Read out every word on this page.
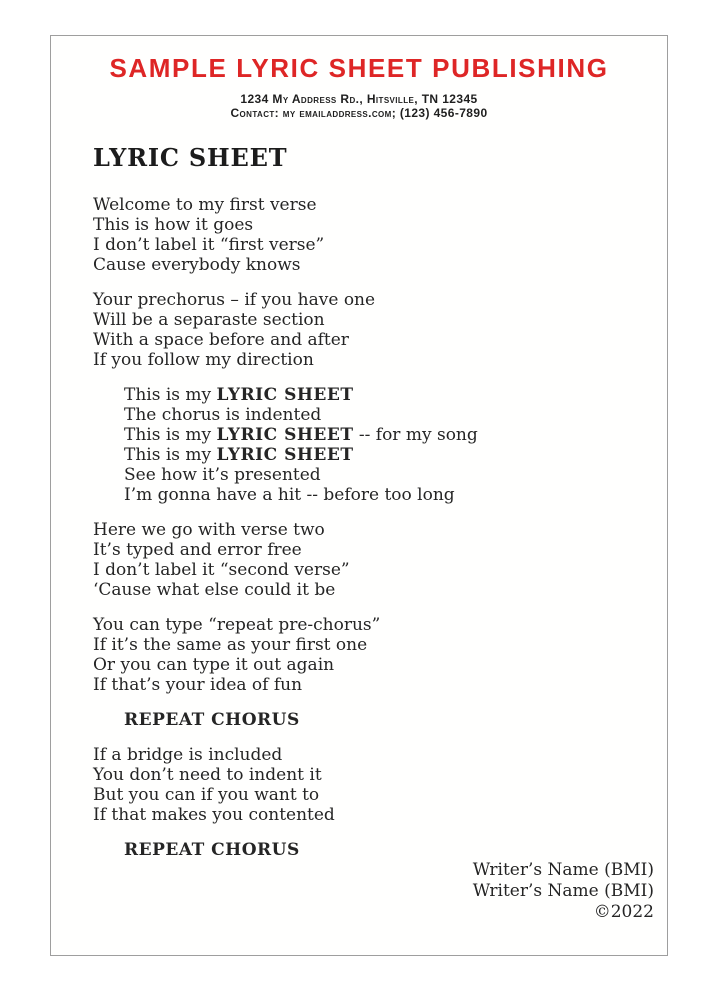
SAMPLE LYRIC SHEET PUBLISHING
1234 My Address Rd., Hitsville, TN 12345
Contact: my emailaddress.com; (123) 456-7890
LYRIC SHEET
Welcome to my first verse
This is how it goes
I don’t label it “first verse”
Cause everybody knows
Your prechorus – if you have one
Will be a separaste section
With a space before and after
If you follow my direction
This is my LYRIC SHEET
The chorus is indented
This is my LYRIC SHEET -- for my song
This is my LYRIC SHEET
See how it’s presented
I’m gonna have a hit -- before too long
Here we go with verse two
It’s typed and error free
I don’t label it “second verse”
‘Cause what else could it be
You can type “repeat pre-chorus”
If it’s the same as your first one
Or you can type it out again
If that’s your idea of fun
REPEAT CHORUS
If a bridge is included
You don’t need to indent it
But you can if you want to
If that makes you contented
REPEAT CHORUS
Writer’s Name (BMI)
Writer’s Name (BMI)
©2022
